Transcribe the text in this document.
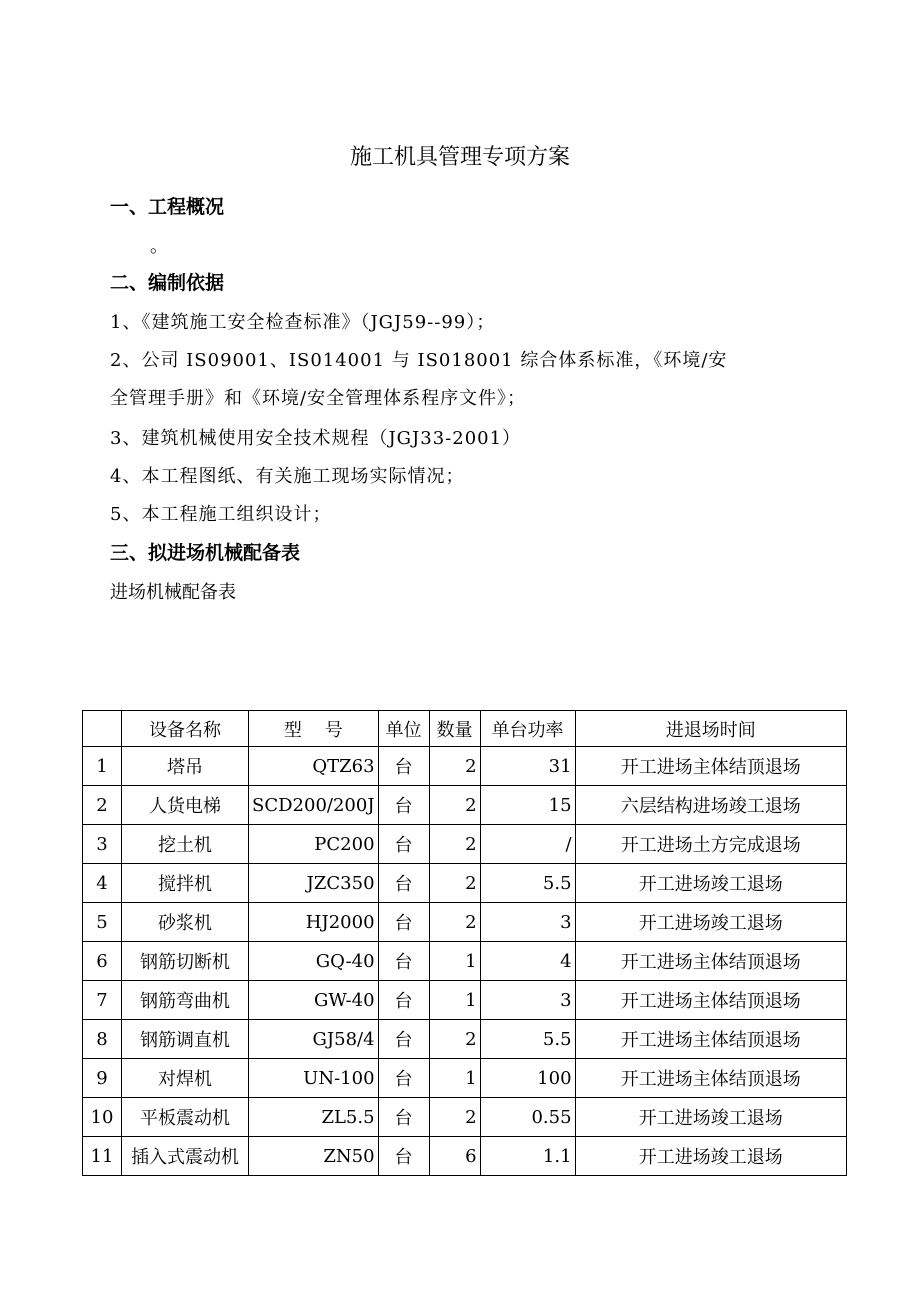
施工机具管理专项方案
一、工程概况
。
二、编制依据
1、《建筑施工安全检查标准》（JGJ59--99）；
2、公司 IS09001、IS014001 与 IS018001 综合体系标准，《环境/安
全管理手册》和《环境/安全管理体系程序文件》；
3、建筑机械使用安全技术规程（JGJ33-2001）
4、本工程图纸、有关施工现场实际情况；
5、本工程施工组织设计；
三、拟进场机械配备表
进场机械配备表
	设备名称	型    号	单位	数量	单台功率	进退场时间
1	塔吊	QTZ63	台	2	31	开工进场主体结顶退场
2	人货电梯	SCD200/200J	台	2	15	六层结构进场竣工退场
3	挖土机	PC200	台	2	/	开工进场土方完成退场
4	搅拌机	JZC350	台	2	5.5	开工进场竣工退场
5	砂浆机	HJ2000	台	2	3	开工进场竣工退场
6	钢筋切断机	GQ-40	台	1	4	开工进场主体结顶退场
7	钢筋弯曲机	GW-40	台	1	3	开工进场主体结顶退场
8	钢筋调直机	GJ58/4	台	2	5.5	开工进场主体结顶退场
9	对焊机	UN-100	台	1	100	开工进场主体结顶退场
10	平板震动机	ZL5.5	台	2	0.55	开工进场竣工退场
11	插入式震动机	ZN50	台	6	1.1	开工进场竣工退场
